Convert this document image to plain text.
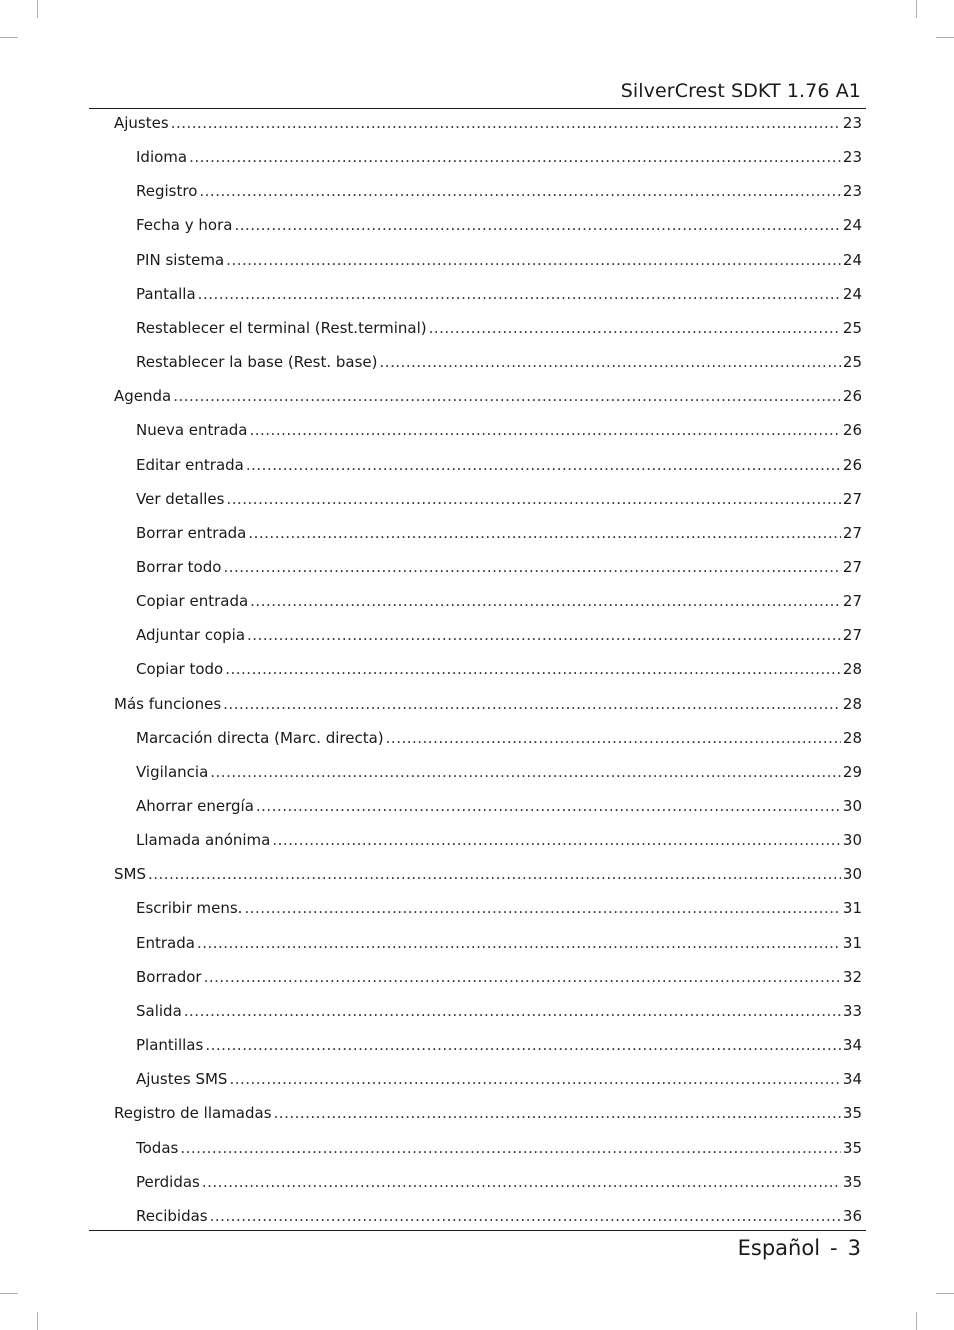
SilverCrest SDKT 1.76 A1
Ajustes .....	23
Idioma .....	23
Registro .....	23
Fecha y hora .....	24
PIN sistema .....	24
Pantalla .....	24
Restablecer el terminal (Rest.terminal) .....	25
Restablecer la base (Rest. base) .....	25
Agenda .....	26
Nueva entrada .....	26
Editar entrada .....	26
Ver detalles .....	27
Borrar entrada .....	27
Borrar todo .....	27
Copiar entrada .....	27
Adjuntar copia .....	27
Copiar todo .....	28
Más funciones .....	28
Marcación directa (Marc. directa) .....	28
Vigilancia .....	29
Ahorrar energía .....	30
Llamada anónima .....	30
SMS .....	30
Escribir mens. .....	31
Entrada .....	31
Borrador .....	32
Salida .....	33
Plantillas .....	34
Ajustes SMS .....	34
Registro de llamadas .....	35
Todas .....	35
Perdidas .....	35
Recibidas .....	36
Español - 3
